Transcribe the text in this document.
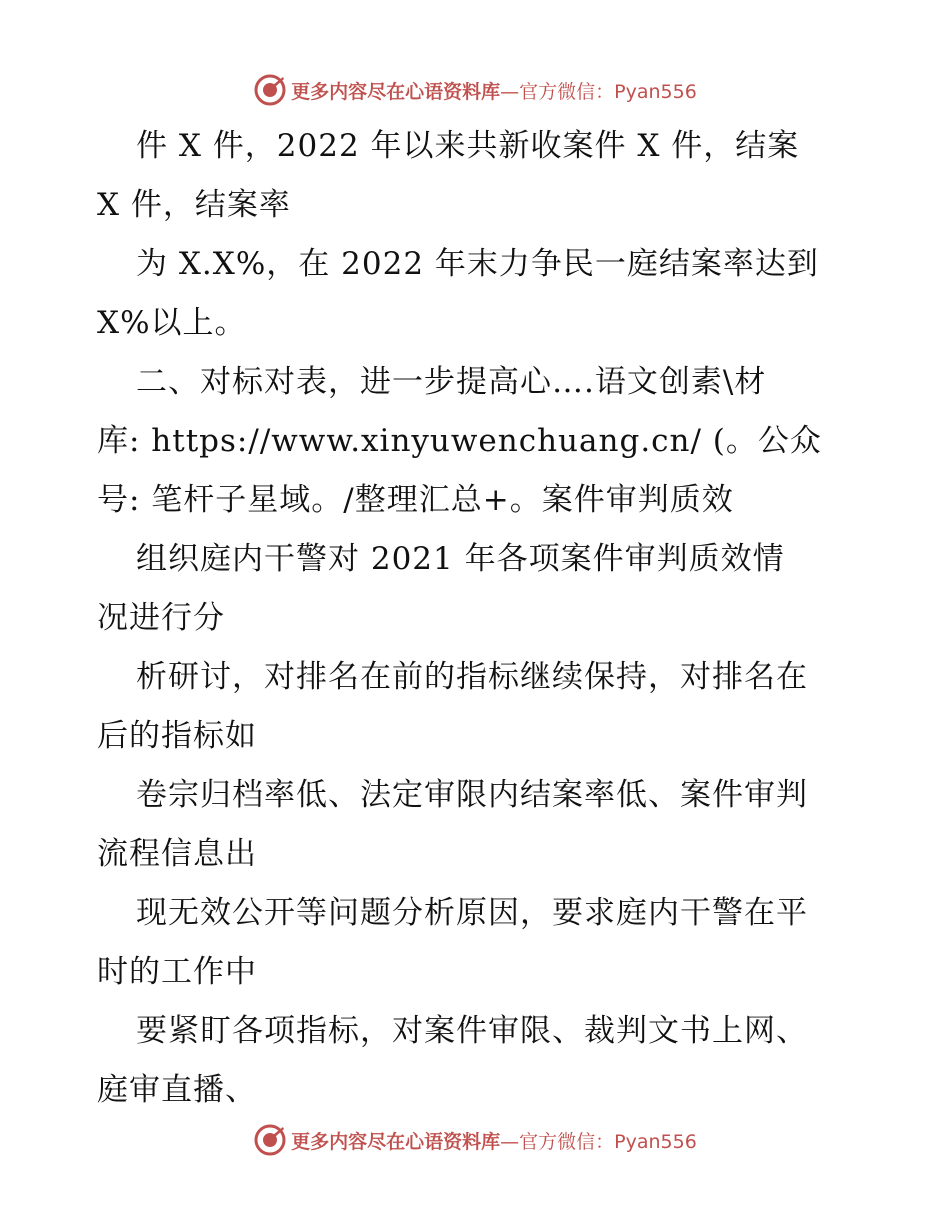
更多内容尽在心语资料库—官方微信：Pyan556
件 X 件，2022 年以来共新收案件 X 件，结案
X 件，结案率
为 X.X%，在 2022 年末力争民一庭结案率达到
X%以上。
二、对标对表，进一步提高心….语文创素\材
库: https://www.xinyuwenchuang.cn/ (。公众
号: 笔杆子星域。/整理汇总+。案件审判质效
组织庭内干警对 2021 年各项案件审判质效情
况进行分
析研讨，对排名在前的指标继续保持，对排名在
后的指标如
卷宗归档率低、法定审限内结案率低、案件审判
流程信息出
现无效公开等问题分析原因，要求庭内干警在平
时的工作中
要紧盯各项指标，对案件审限、裁判文书上网、
庭审直播、
更多内容尽在心语资料库—官方微信：Pyan556
